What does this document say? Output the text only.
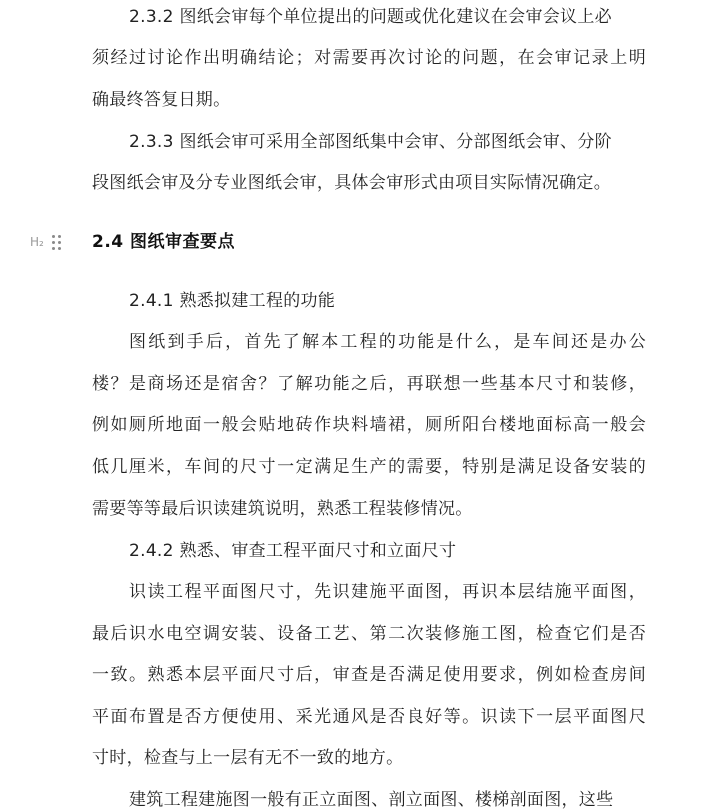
2.3.2 图纸会审每个单位提出的问题或优化建议在会审会议上必
须经过讨论作出明确结论；对需要再次讨论的问题，在会审记录上明
确最终答复日期。
2.3.3 图纸会审可采用全部图纸集中会审、分部图纸会审、分阶
段图纸会审及分专业图纸会审，具体会审形式由项目实际情况确定。
H₂	2.4 图纸审查要点
2.4.1 熟悉拟建工程的功能
图纸到手后，首先了解本工程的功能是什么，是车间还是办公
楼？是商场还是宿舍？了解功能之后，再联想一些基本尺寸和装修，
例如厕所地面一般会贴地砖作块料墙裙，厕所阳台楼地面标高一般会
低几厘米，车间的尺寸一定满足生产的需要，特别是满足设备安装的
需要等等最后识读建筑说明，熟悉工程装修情况。
2.4.2 熟悉、审查工程平面尺寸和立面尺寸
识读工程平面图尺寸，先识建施平面图，再识本层结施平面图，
最后识水电空调安装、设备工艺、第二次装修施工图，检查它们是否
一致。熟悉本层平面尺寸后，审查是否满足使用要求，例如检查房间
平面布置是否方便使用、采光通风是否良好等。识读下一层平面图尺
寸时，检查与上一层有无不一致的地方。
建筑工程建施图一般有正立面图、剖立面图、楼梯剖面图，这些
